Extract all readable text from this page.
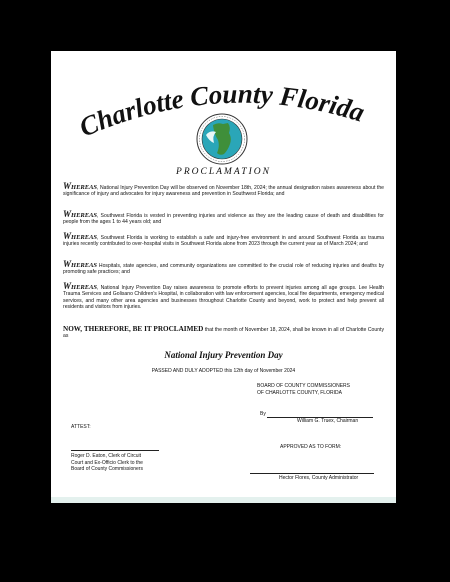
Charlotte County Florida
PROCLAMATION
WHEREAS, National Injury Prevention Day will be observed on November 18th, 2024; the annual designation raises awareness about the significance of injury and advocates for injury awareness and prevention in Southwest Florida; and
WHEREAS, Southwest Florida is vested in preventing injuries and violence as they are the leading cause of death and disabilities for people from the ages 1 to 44 years old; and
WHEREAS, Southwest Florida is working to establish a safe and injury-free environment in and around Southwest Florida as trauma injuries recently contributed to over-hospital visits in Southwest Florida alone from 2023 through the current year as of March 2024; and
WHEREAS Hospitals, state agencies, and community organizations are committed to the crucial role of reducing injuries and deaths by promoting safe practices; and
WHEREAS, National Injury Prevention Day raises awareness to promote efforts to prevent injuries among all age groups. Lee Health Trauma Services and Golisano Children's Hospital, in collaboration with law enforcement agencies, local fire departments, emergency medical services, and many other area agencies and businesses throughout Charlotte County and beyond, work to protect and help prevent all residents and visitors from injuries.
NOW, THEREFORE, BE IT PROCLAIMED that the month of November 18, 2024, shall be known in all of Charlotte County as
National Injury Prevention Day
PASSED AND DULY ADOPTED this 12th day of November 2024
BOARD OF COUNTY COMMISSIONERS
OF CHARLOTTE COUNTY, FLORIDA
By
William G. Truex, Chairman
ATTEST:
APPROVED AS TO FORM:
Roger D. Eaton, Clerk of Circuit
Court and Ex-Officio Clerk to the
Board of County Commissioners
Hector Flores, County Administrator
